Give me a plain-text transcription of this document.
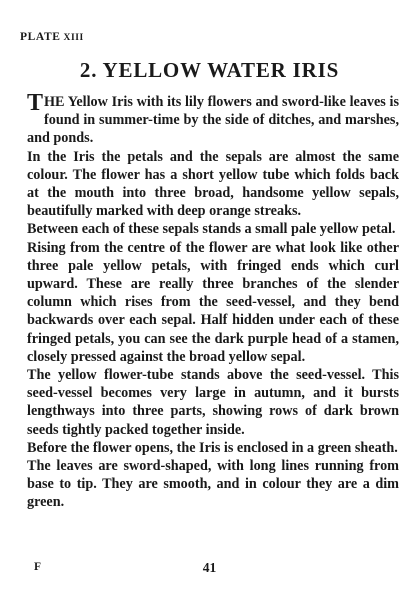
PLATE XIII
2. YELLOW WATER IRIS

THE Yellow Iris with its lily flowers and sword-like leaves is found in summer-time by the side of ditches, and marshes, and ponds.

In the Iris the petals and the sepals are almost the same colour. The flower has a short yellow tube which folds back at the mouth into three broad, handsome yellow sepals, beautifully marked with deep orange streaks.

Between each of these sepals stands a small pale yellow petal.

Rising from the centre of the flower are what look like other three pale yellow petals, with fringed ends which curl upward. These are really three branches of the slender column which rises from the seed-vessel, and they bend backwards over each sepal. Half hidden under each of these fringed petals, you can see the dark purple head of a stamen, closely pressed against the broad yellow sepal.

The yellow flower-tube stands above the seed-vessel. This seed-vessel becomes very large in autumn, and it bursts lengthways into three parts, showing rows of dark brown seeds tightly packed together inside.

Before the flower opens, the Iris is enclosed in a green sheath.

The leaves are sword-shaped, with long lines running from base to tip. They are smooth, and in colour they are a dim green.

F	41
